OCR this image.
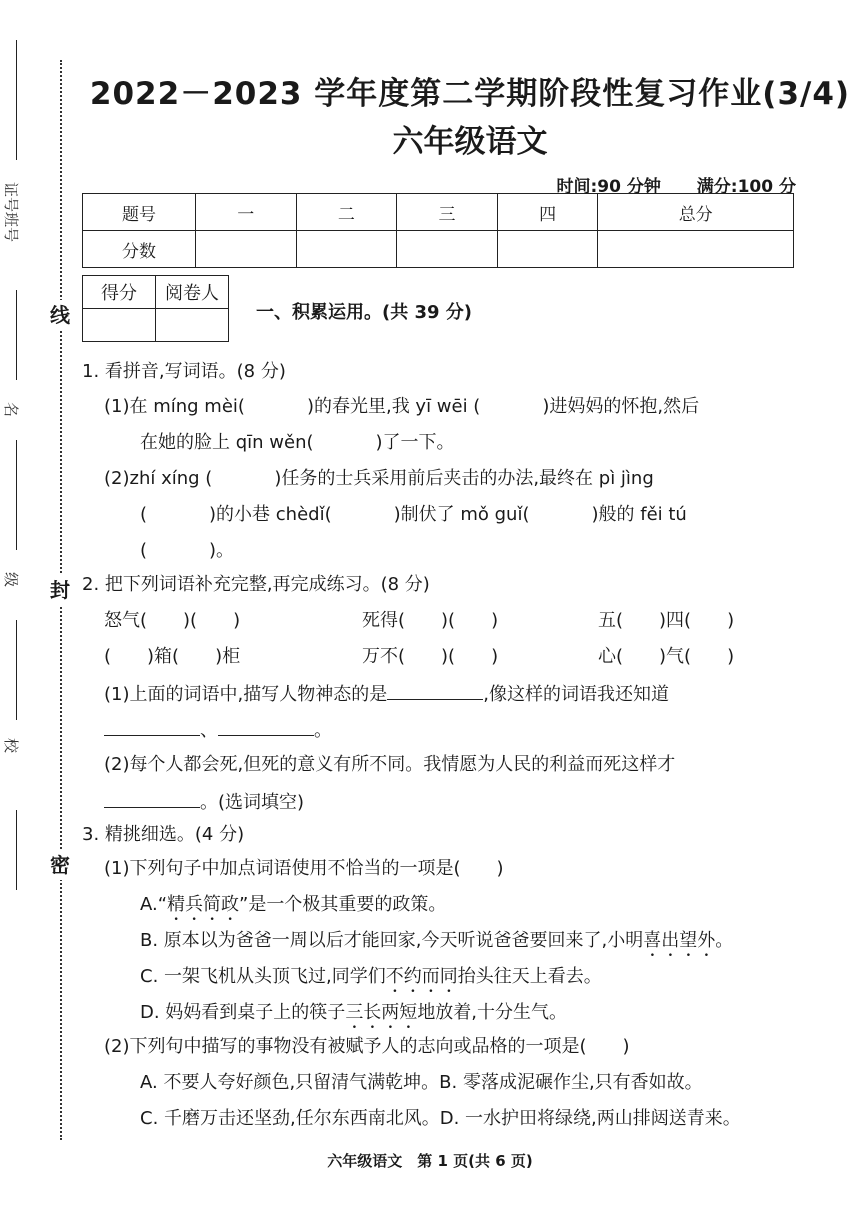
证号班号
名
级
校
线
封
密
2022－2023 学年度第二学期阶段性复习作业(3/4)
六年级语文
时间:90 分钟 满分:100 分
题号	一	二	三	四	总分
分数					
得分	阅卷人

一、积累运用。(共 39 分)
1. 看拼音,写词语。(8 分)
(1)在 míng mèi(	)的春光里,我 yī wēi (	)进妈妈的怀抱,然后
在她的脸上 qīn wěn(	)了一下。
(2)zhí xíng (	)任务的士兵采用前后夹击的办法,最终在 pì jìng
(	)的小巷 chèdǐ(	)制伏了 mǒ guǐ(	)般的 fěi tú
(	)。
2. 把下列词语补充完整,再完成练习。(8 分)
怒气(　　)(　　)	死得(　　)(　　)	五(　　)四(　　)
(　　)箱(　　)柜	万不(　　)(　　)	心(　　)气(　　)
(1)上面的词语中,描写人物神态的是	,像这样的词语我还知道
、	。
(2)每个人都会死,但死的意义有所不同。我情愿为人民的利益而死这样才
。(选词填空)
3. 精挑细选。(4 分)
(1)下列句子中加点词语使用不恰当的一项是(　　)
A.“精兵简政”是一个极其重要的政策。
B. 原本以为爸爸一周以后才能回家,今天听说爸爸要回来了,小明喜出望外。
C. 一架飞机从头顶飞过,同学们不约而同抬头往天上看去。
D. 妈妈看到桌子上的筷子三长两短地放着,十分生气。
(2)下列句中描写的事物没有被赋予人的志向或品格的一项是(　　)
A. 不要人夸好颜色,只留清气满乾坤。B. 零落成泥碾作尘,只有香如故。
C. 千磨万击还坚劲,任尔东西南北风。D. 一水护田将绿绕,两山排闼送青来。
六年级语文　第 1 页(共 6 页)
